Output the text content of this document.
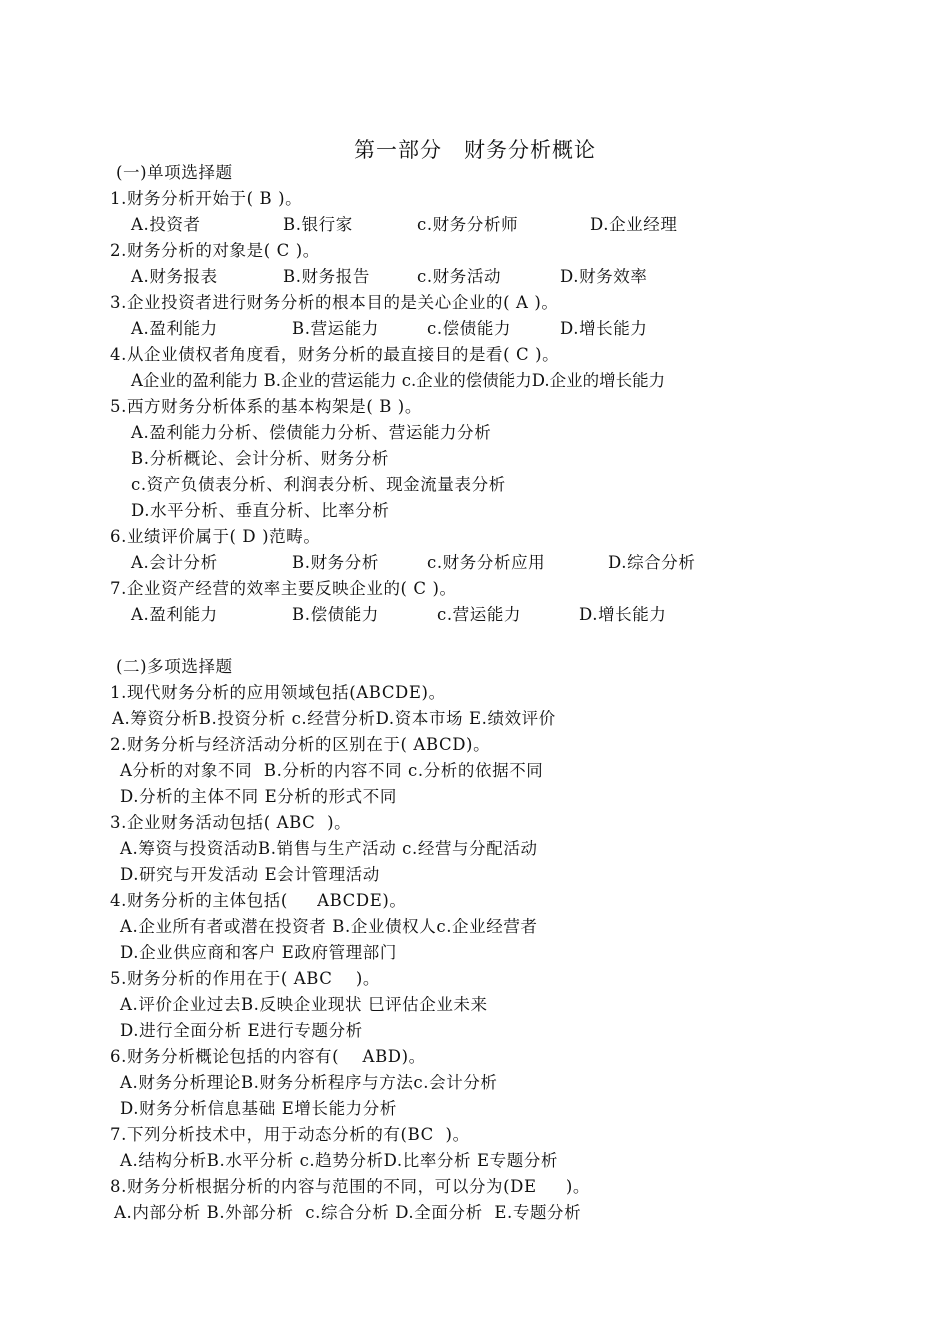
第一部分　财务分析概论
(一)单项选择题
1.财务分析开始于( B )。
A.投资者	B.银行家	c.财务分析师	D.企业经理
2.财务分析的对象是( C )。
A.财务报表	B.财务报告	c.财务活动	D.财务效率
3.企业投资者进行财务分析的根本目的是关心企业的( A )。
A.盈利能力	B.营运能力	c.偿债能力	D.增长能力
4.从企业债权者角度看，财务分析的最直接目的是看( C )。
A企业的盈利能力 B.企业的营运能力 c.企业的偿债能力D.企业的增长能力
5.西方财务分析体系的基本构架是( B )。
A.盈利能力分析、偿债能力分析、营运能力分析
B.分析概论、会计分析、财务分析
c.资产负债表分析、利润表分析、现金流量表分析
D.水平分析、垂直分析、比率分析
6.业绩评价属于( D )范畴。
A.会计分析	B.财务分析	c.财务分析应用	D.综合分析
7.企业资产经营的效率主要反映企业的( C )。
A.盈利能力	B.偿债能力	c.营运能力	D.增长能力
(二)多项选择题
1.现代财务分析的应用领域包括(ABCDE)。
A.筹资分析B.投资分析 c.经营分析D.资本市场 E.绩效评价
2.财务分析与经济活动分析的区别在于( ABCD)。
A分析的对象不同  B.分析的内容不同 c.分析的依据不同
D.分析的主体不同 E分析的形式不同
3.企业财务活动包括( ABC  )。
A.筹资与投资活动B.销售与生产活动 c.经营与分配活动
D.研究与开发活动 E会计管理活动
4.财务分析的主体包括(     ABCDE)。
A.企业所有者或潜在投资者 B.企业债权人c.企业经营者
D.企业供应商和客户 E政府管理部门
5.财务分析的作用在于( ABC    )。
A.评价企业过去B.反映企业现状 巳评估企业未来
D.进行全面分析 E进行专题分析
6.财务分析概论包括的内容有(    ABD)。
A.财务分析理论B.财务分析程序与方法c.会计分析
D.财务分析信息基础 E增长能力分析
7.下列分析技术中，用于动态分析的有(BC  )。
A.结构分析B.水平分析 c.趋势分析D.比率分析 E专题分析
8.财务分析根据分析的内容与范围的不同，可以分为(DE     )。
A.内部分析 B.外部分析  c.综合分析 D.全面分析  E.专题分析
